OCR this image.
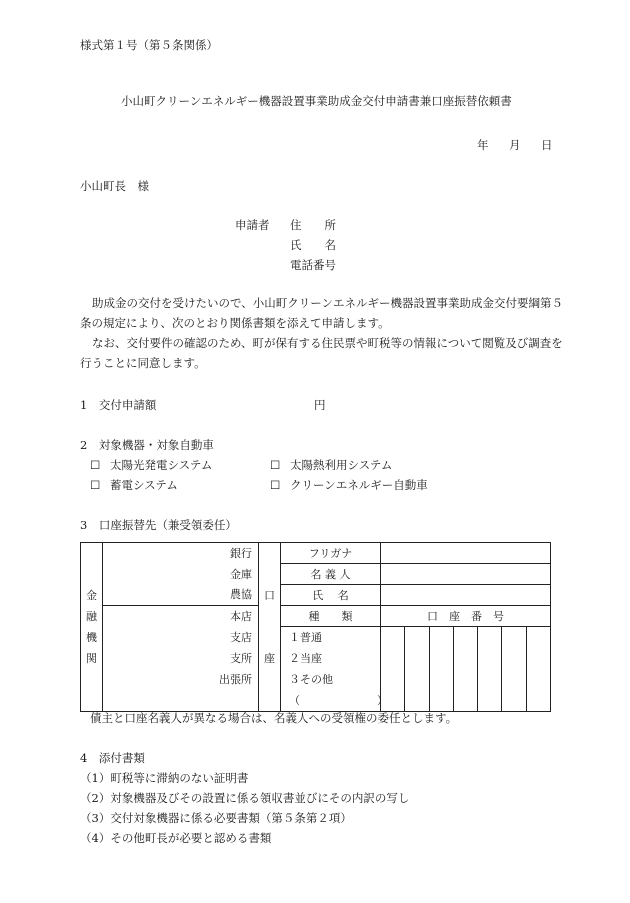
様式第１号（第５条関係）
小山町クリーンエネルギー機器設置事業助成金交付申請書兼口座振替依頼書
年 月 日
小山町長　様
申請者 住　　所
氏　　名
電話番号
助成金の交付を受けたいので、小山町クリーンエネルギー機器設置事業助成金交付要綱第５
条の規定により、次のとおり関係書類を添えて申請します。
なお、交付要件の確認のため、町が保有する住民票や町税等の情報について閲覧及び調査を
行うことに同意します。
1　交付申請額	円
2　対象機器・対象自動車
☐ 太陽光発電システム	☐ 太陽熱利用システム
☐ 蓄電システム	☐ クリーンエネルギー自動車
3　口座振替先（兼受領委任）
	銀行		フリガナ	
	金庫		名 義 人	
金	農協	口	氏　 名	
融	本店		種　　類	口　座　番　号
機	支店		１普通	

関	支所	座	２当座	
	出張所		３その他	
			（　　　　　　　）	
債主と口座名義人が異なる場合は、名義人への受領権の委任とします。
4　添付書類
（1）町税等に滞納のない証明書
（2）対象機器及びその設置に係る領収書並びにその内訳の写し
（3）交付対象機器に係る必要書類（第５条第２項）
（4）その他町長が必要と認める書類
